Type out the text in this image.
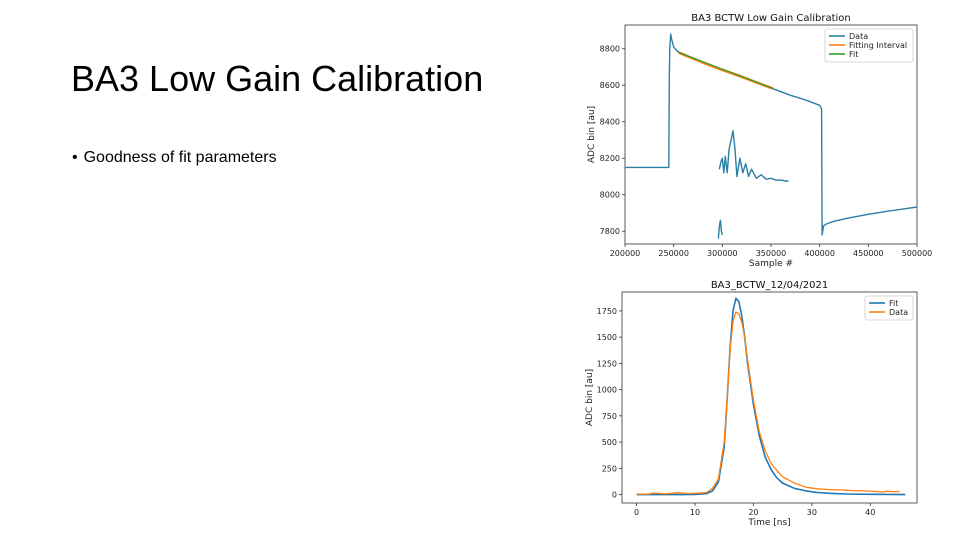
BA3 Low Gain Calibration
• Goodness of fit parameters
BA3 BCTW Low Gain Calibration
200000 250000 300000 350000 400000 450000 500000
7800
8000
8200
8400
8600
8800
Sample #
ADC bin [au]
Data
Fitting Interval
Fit
BA3_BCTW_12/04/2021
0	10	20	30	40
0
250
500
750
1000
1250
1500
1750
Time [ns]
ADC bin [au]
Fit
Data
